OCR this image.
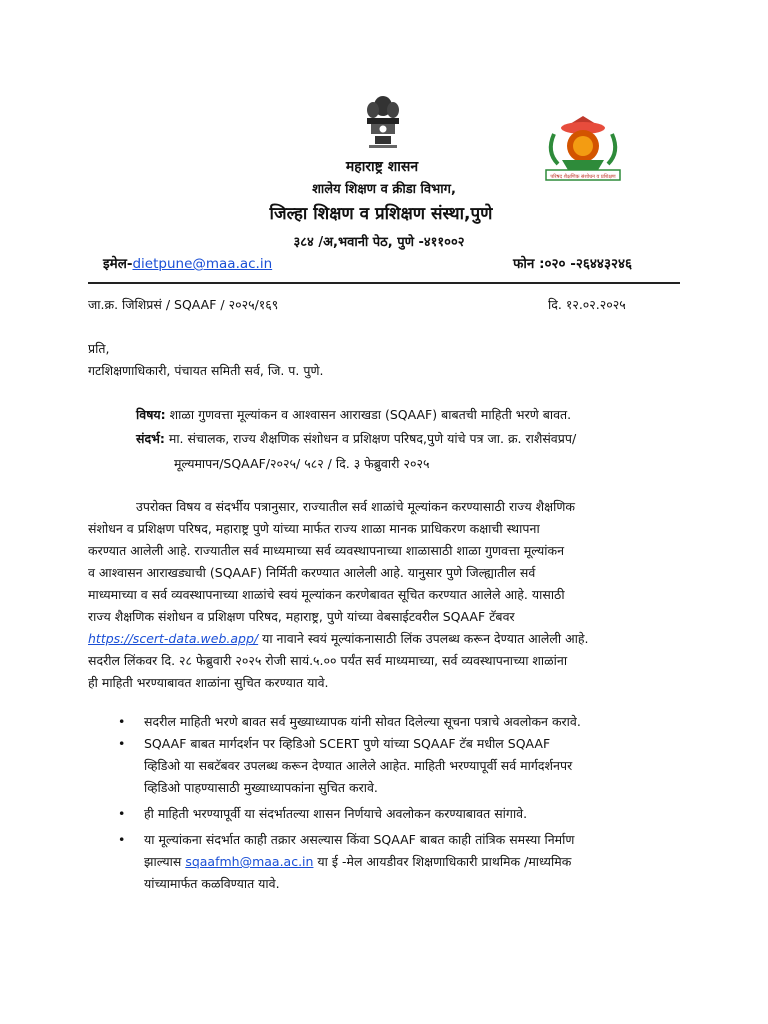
परिषद शैक्षणिक संशोधन व प्रशिक्षण
महाराष्ट्र शासन
शालेय शिक्षण व क्रीडा विभाग,
जिल्हा शिक्षण व प्रशिक्षण संस्था,पुणे
३८४ /अ,भवानी पेठ, पुणे -४११००२
इमेल-dietpune@maa.ac.in	फोन :०२० -२६४४३२४६
जा.क्र. जिशिप्रसं / SQAAF / २०२५/१६९	दि. १२.०२.२०२५
प्रति,
गटशिक्षणाधिकारी, पंचायत समिती सर्व, जि. प. पुणे.
विषय: शाळा गुणवत्ता मूल्यांकन व आश्वासन आराखडा (SQAAF) बाबतची माहिती भरणे बावत.
संदर्भ: मा. संचालक, राज्य शैक्षणिक संशोधन व प्रशिक्षण परिषद,पुणे यांचे पत्र जा. क्र. राशैसंवप्रप/
मूल्यमापन/SQAAF/२०२५/ ५८२ / दि. ३ फेब्रुवारी २०२५
उपरोक्त विषय व संदर्भीय पत्रानुसार, राज्यातील सर्व शाळांचे मूल्यांकन करण्यासाठी राज्य शैक्षणिक
संशोधन व प्रशिक्षण परिषद, महाराष्ट्र पुणे यांच्या मार्फत राज्य शाळा मानक प्राधिकरण कक्षाची स्थापना
करण्यात आलेली आहे. राज्यातील सर्व माध्यमाच्या सर्व व्यवस्थापनाच्या शाळासाठी शाळा गुणवत्ता मूल्यांकन
व आश्वासन आराखड्याची (SQAAF) निर्मिती करण्यात आलेली आहे. यानुसार पुणे जिल्ह्यातील सर्व
माध्यमाच्या व सर्व व्यवस्थापनाच्या शाळांचे स्वयं मूल्यांकन करणेबावत सूचित करण्यात आलेले आहे. यासाठी
राज्य शैक्षणिक संशोधन व प्रशिक्षण परिषद, महाराष्ट्र, पुणे यांच्या वेबसाईटवरील SQAAF टॅबवर
https://scert-data.web.app/ या नावाने स्वयं मूल्यांकनासाठी लिंक उपलब्ध करून देण्यात आलेली आहे.
सदरील लिंकवर दि. २८ फेब्रुवारी २०२५ रोजी सायं.५.०० पर्यंत सर्व माध्यमाच्या, सर्व व्यवस्थापनाच्या शाळांना
ही माहिती भरण्याबावत शाळांना सुचित करण्यात यावे.
• सदरील माहिती भरणे बावत सर्व मुख्याध्यापक यांनी सोवत दिलेल्या सूचना पत्राचे अवलोकन करावे.
• SQAAF बाबत मार्गदर्शन पर व्हिडिओ SCERT पुणे यांच्या SQAAF टॅब मधील SQAAF
व्हिडिओ या सबटॅबवर उपलब्ध करून देण्यात आलेले आहेत. माहिती भरण्यापूर्वी सर्व मार्गदर्शनपर
व्हिडिओ पाहण्यासाठी मुख्याध्यापकांना सुचित करावे.
• ही माहिती भरण्यापूर्वी या संदर्भातल्या शासन निर्णयाचे अवलोकन करण्याबावत सांगावे.
• या मूल्यांकना संदर्भात काही तक्रार असल्यास किंवा SQAAF बाबत काही तांत्रिक समस्या निर्माण
झाल्यास sqaafmh@maa.ac.in या ई -मेल आयडीवर शिक्षणाधिकारी प्राथमिक /माध्यमिक
यांच्यामार्फत कळविण्यात यावे.
